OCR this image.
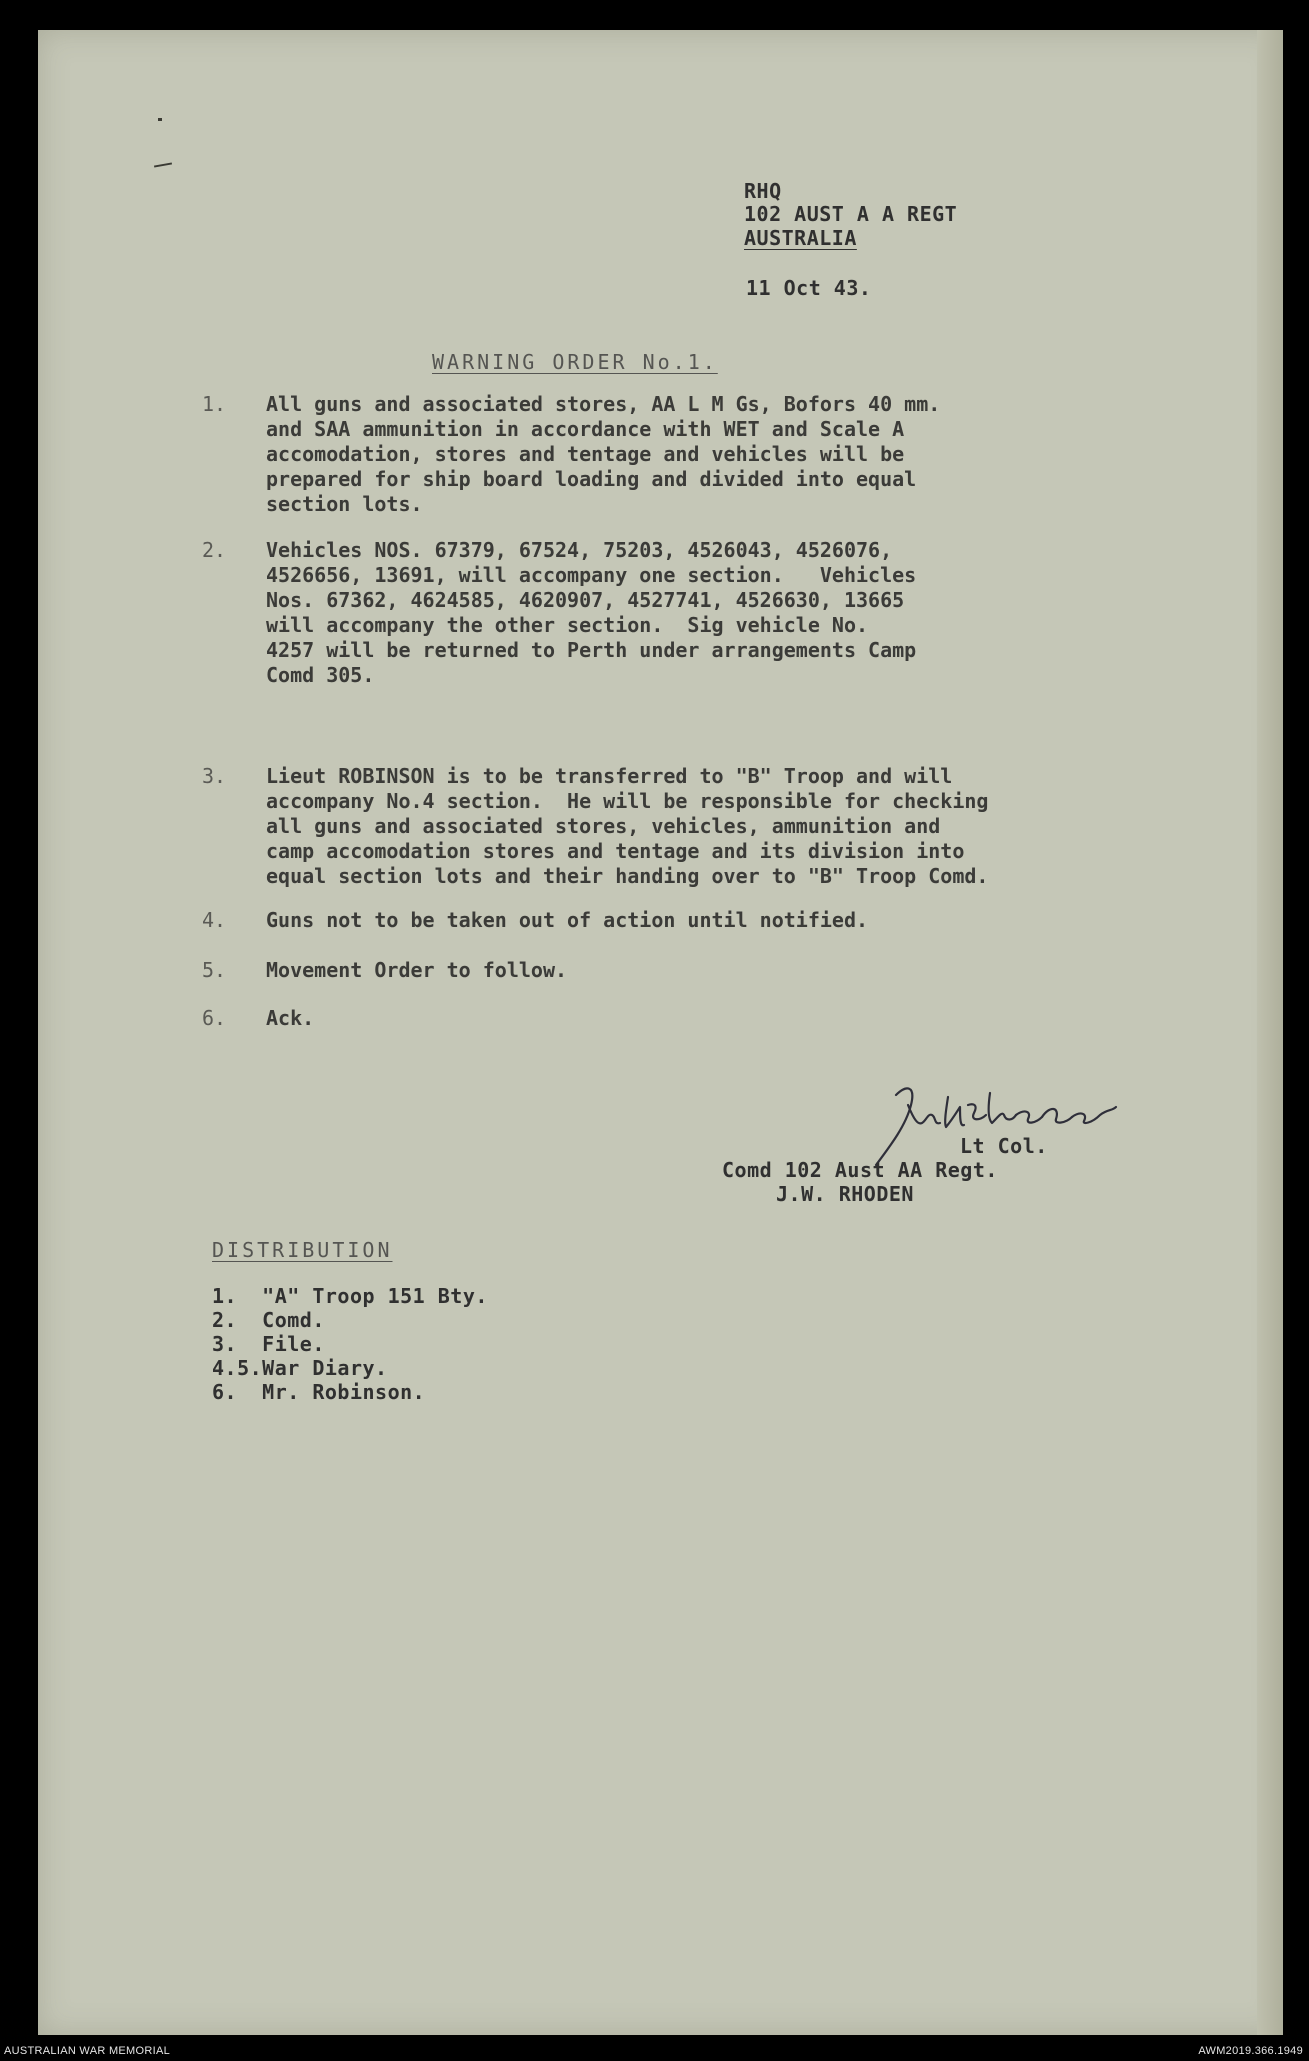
RHQ
102 AUST A A REGT
AUSTRALIA
11 Oct 43.
WARNING ORDER No.1.
1. All guns and associated stores, AA L M Gs, Bofors 40 mm.
and SAA ammunition in accordance with WET and Scale A
accomodation, stores and tentage and vehicles will be
prepared for ship board loading and divided into equal
section lots.
2. Vehicles NOS. 67379, 67524, 75203, 4526043, 4526076,
4526656, 13691, will accompany one section.   Vehicles
Nos. 67362, 4624585, 4620907, 4527741, 4526630, 13665
will accompany the other section.  Sig vehicle No.
4257 will be returned to Perth under arrangements Camp
Comd 305.
3. Lieut ROBINSON is to be transferred to "B" Troop and will
accompany No.4 section.  He will be responsible for checking
all guns and associated stores, vehicles, ammunition and
camp accomodation stores and tentage and its division into
equal section lots and their handing over to "B" Troop Comd.
4. Guns not to be taken out of action until notified.
5. Movement Order to follow.
6. Ack.
Lt Col.
Comd 102 Aust AA Regt.
J.W. RHODEN
DISTRIBUTION
1.  "A" Troop 151 Bty.
2.  Comd.
3.  File.
4.5.War Diary.
6.  Mr. Robinson.
AUSTRALIAN WAR MEMORIAL	AWM2019.366.1949
